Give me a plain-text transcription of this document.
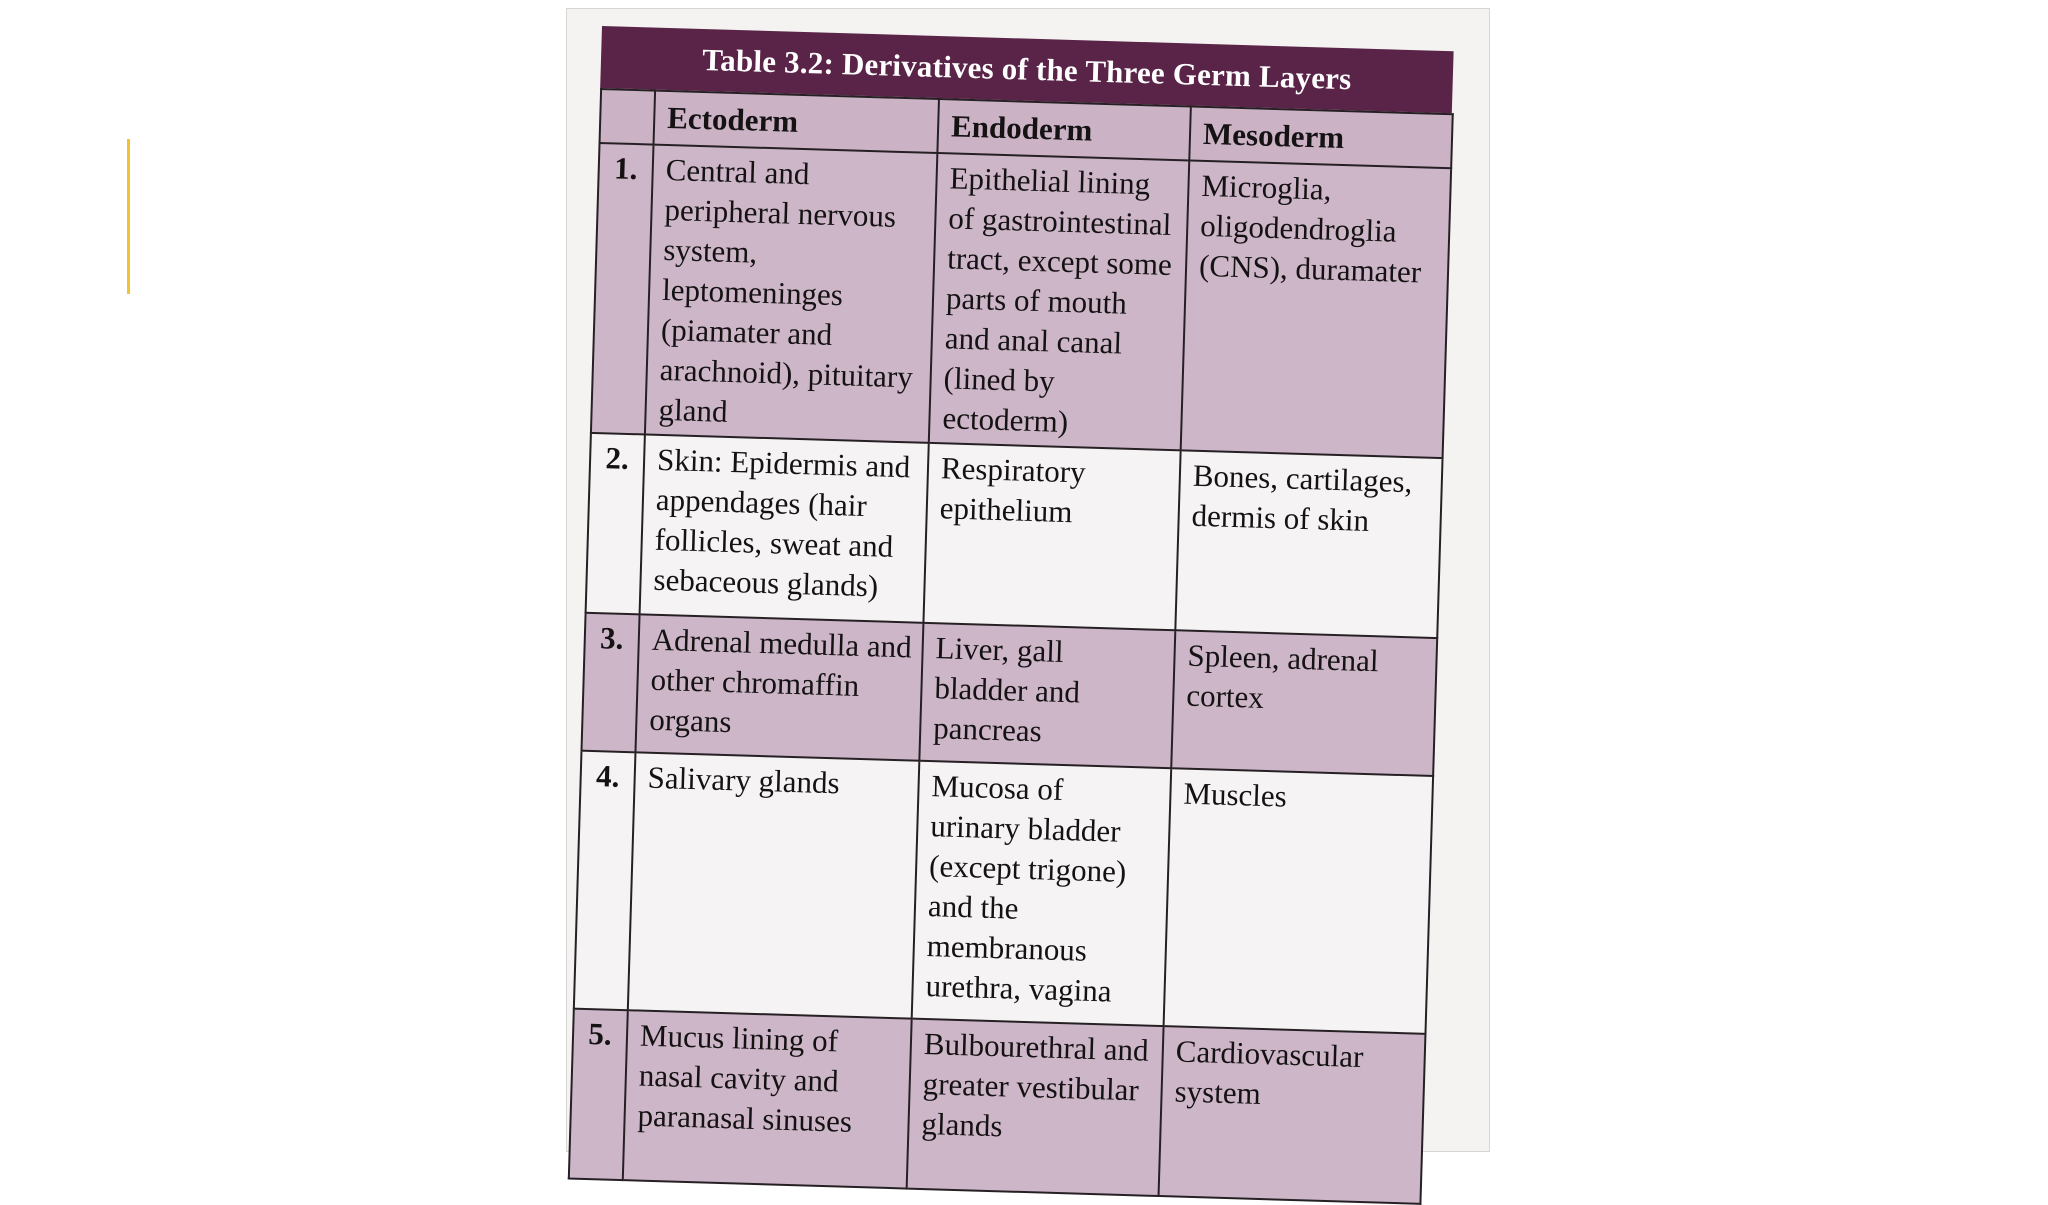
Table 3.2: Derivatives of the Three Germ Layers
	Ectoderm	Endoderm	Mesoderm
1.	Central and peripheral nervous system, leptomeninges (piamater and arachnoid), pituitary gland	Epithelial lining of gastrointestinal tract, except some parts of mouth and anal canal (lined by ectoderm)	Microglia, oligodendroglia (CNS), duramater
2.	Skin: Epidermis and appendages (hair follicles, sweat and sebaceous glands)	Respiratory epithelium	Bones, cartilages, dermis of skin
3.	Adrenal medulla and other chromaffin organs	Liver, gall bladder and pancreas	Spleen, adrenal cortex
4.	Salivary glands	Mucosa of urinary bladder (except trigone) and the membranous urethra, vagina	Muscles
5.	Mucus lining of nasal cavity and paranasal sinuses	Bulbourethral and greater vestibular glands	Cardiovascular system
